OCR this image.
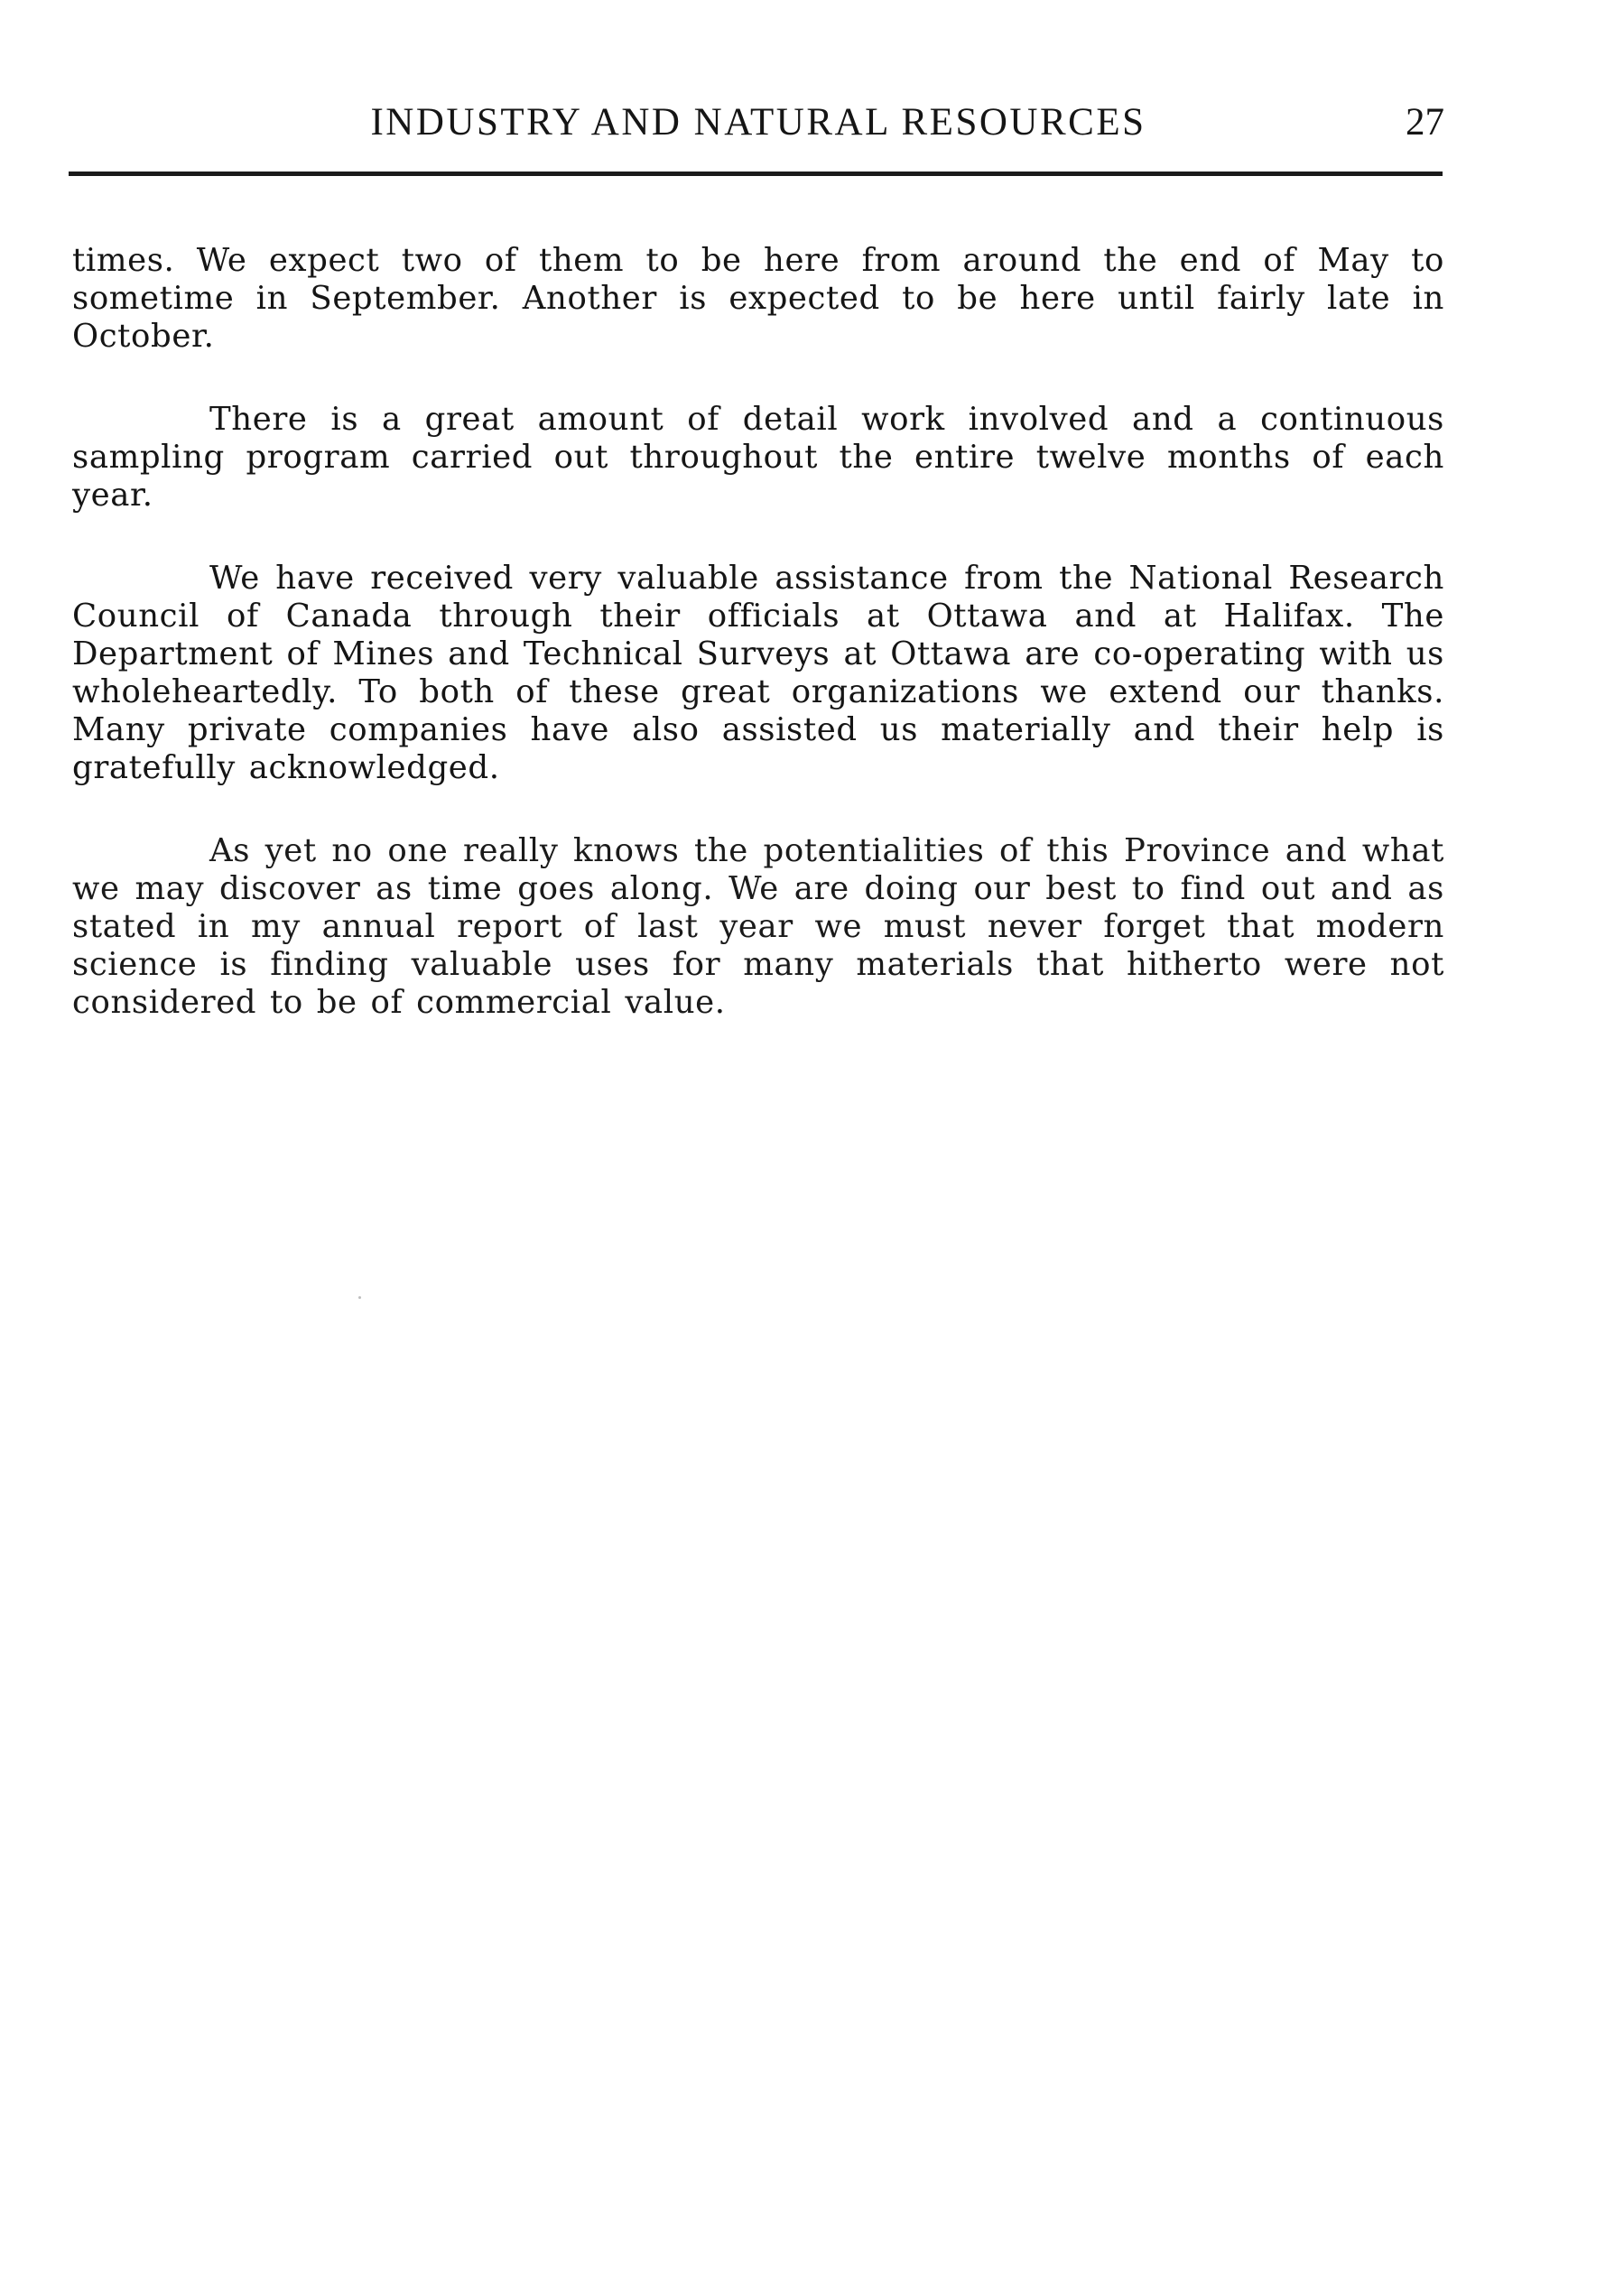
INDUSTRY AND NATURAL RESOURCES	27

times. We expect two of them to be here from around the end of May to sometime in September. Another is expected to be here until fairly late in October.

There is a great amount of detail work involved and a continuous sampling program carried out throughout the entire twelve months of each year.

We have received very valuable assistance from the National Research Council of Canada through their officials at Ottawa and at Halifax. The Department of Mines and Technical Surveys at Ottawa are co-operating with us wholeheartedly. To both of these great organizations we extend our thanks. Many private companies have also assisted us materially and their help is gratefully acknowledged.

As yet no one really knows the potentialities of this Province and what we may discover as time goes along. We are doing our best to find out and as stated in my annual report of last year we must never forget that modern science is finding valuable uses for many materials that hitherto were not considered to be of commercial value.
